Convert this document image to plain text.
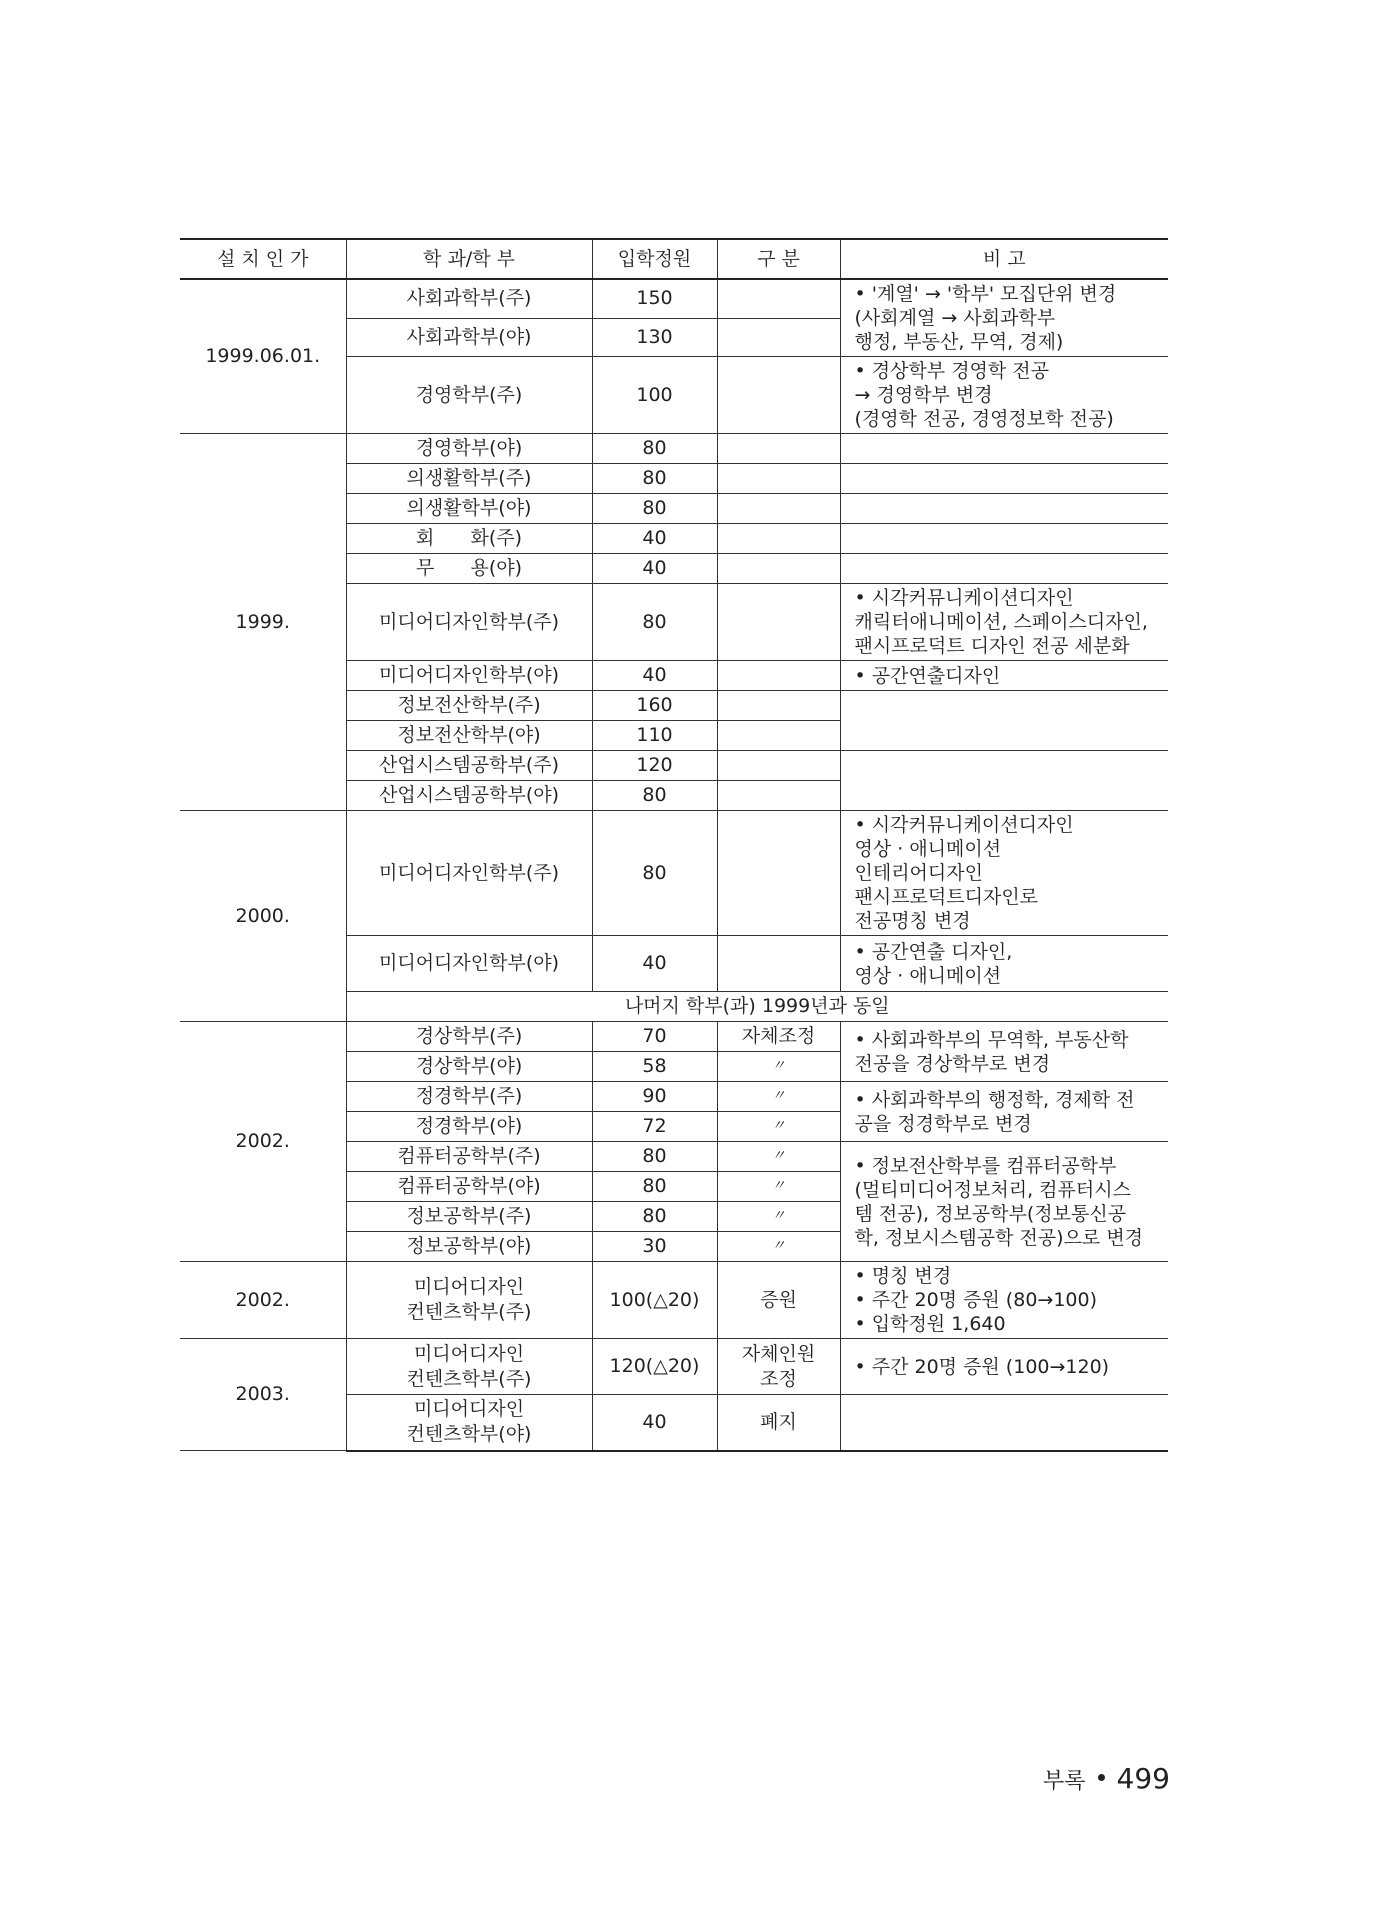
설 치 인 가	학 과/학 부	입학정원	구 분	비 고
1999.06.01.	사회과학부(주)	150		• '계열' → '학부' 모집단위 변경
(사회계열 → 사회과학부
행정, 부동산, 무역, 경제)
	사회과학부(야)	130		
	경영학부(주)	100		• 경상학부 경영학 전공
→ 경영학부 변경
(경영학 전공, 경영정보학 전공)
1999.	경영학부(야)	80		
	의생활학부(주)	80		
	의생활학부(야)	80		
	회      화(주)	40		
	무      용(야)	40		
	미디어디자인학부(주)	80		• 시각커뮤니케이션디자인
캐릭터애니메이션, 스페이스디자인,
팬시프로덕트 디자인 전공 세분화
	미디어디자인학부(야)	40		• 공간연출디자인
	정보전산학부(주)	160		
	정보전산학부(야)	110		
	산업시스템공학부(주)	120		
	산업시스템공학부(야)	80		
2000.	미디어디자인학부(주)	80		• 시각커뮤니케이션디자인
영상 · 애니메이션
인테리어디자인
팬시프로덕트디자인로
전공명칭 변경
	미디어디자인학부(야)	40		• 공간연출 디자인,
영상 · 애니메이션
	나머지 학부(과) 1999년과 동일			
2002.	경상학부(주)	70	자체조정	• 사회과학부의 무역학, 부동산학
전공을 경상학부로 변경
	경상학부(야)	58	〃	
	정경학부(주)	90	〃	• 사회과학부의 행정학, 경제학 전
공을 정경학부로 변경
	정경학부(야)	72	〃	
	컴퓨터공학부(주)	80	〃	• 정보전산학부를 컴퓨터공학부
(멀티미디어정보처리, 컴퓨터시스
템 전공), 정보공학부(정보통신공
학, 정보시스템공학 전공)으로 변경
	컴퓨터공학부(야)	80	〃	
	정보공학부(주)	80	〃	
	정보공학부(야)	30	〃	
2002.	미디어디자인
컨텐츠학부(주)	100(△20)	증원	• 명칭 변경
• 주간 20명 증원 (80→100)
• 입학정원 1,640
2003.	미디어디자인
컨텐츠학부(주)	120(△20)	자체인원
조정	• 주간 20명 증원 (100→120)
	미디어디자인
컨텐츠학부(야)	40	폐지	
부록 499
